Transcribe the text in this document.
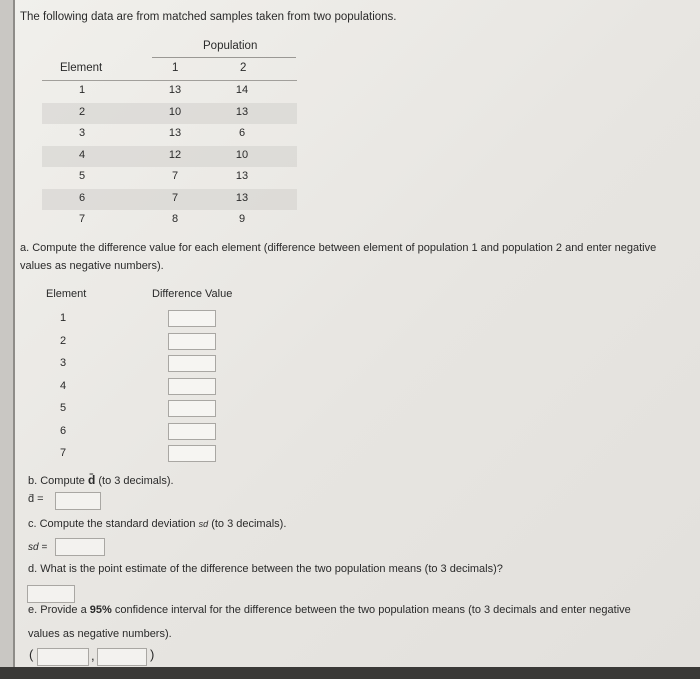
The following data are from matched samples taken from two populations.
Population
Element	1	2
1	13	14
2	10	13
3	13	6
4	12	10
5	7	13
6	7	13
7	8	9
a. Compute the difference value for each element (difference between element of population 1 and population 2 and enter negative
values as negative numbers).
Element	Difference Value
1
2
3
4
5
6
7
b. Compute d̄ (to 3 decimals).
d̄ =
c. Compute the standard deviation sd (to 3 decimals).
sd =
d. What is the point estimate of the difference between the two population means (to 3 decimals)?
e. Provide a 95% confidence interval for the difference between the two population means (to 3 decimals and enter negative
values as negative numbers).
(	,	)
